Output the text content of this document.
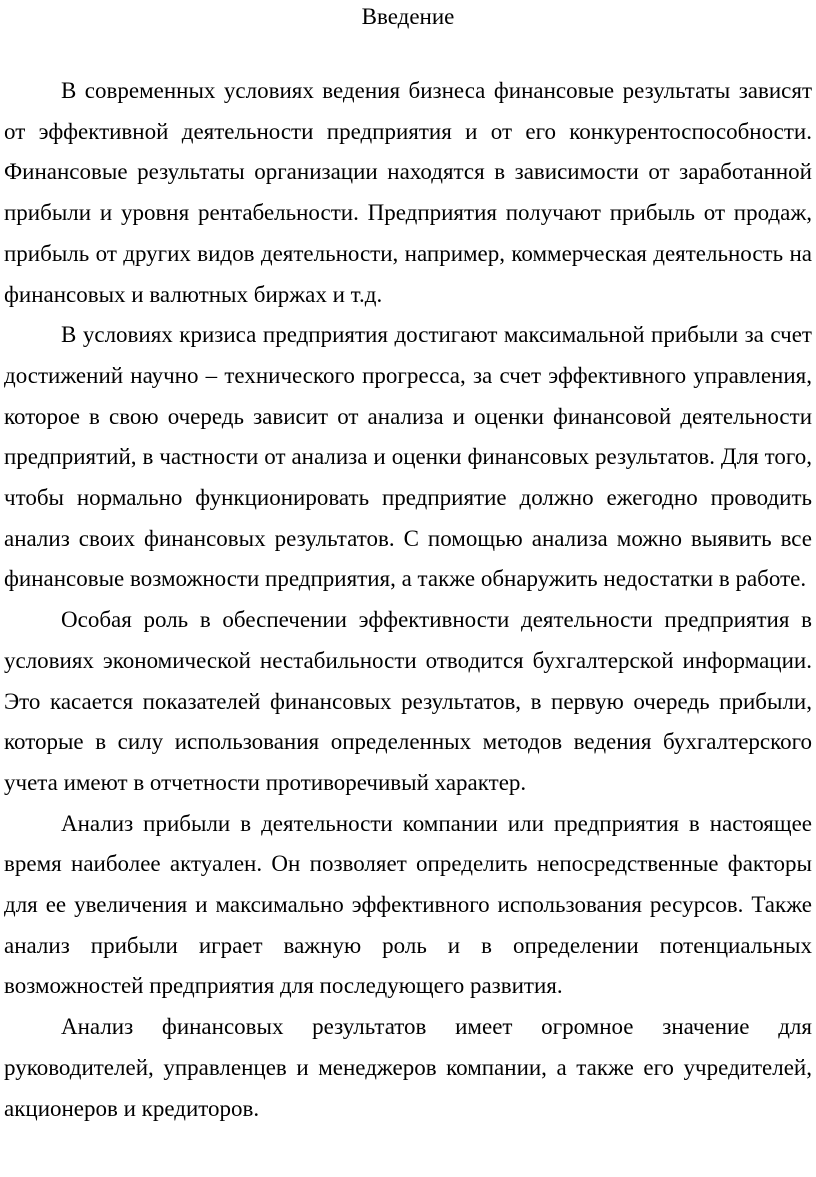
Введение

В современных условиях ведения бизнеса финансовые результаты зависят от эффективной деятельности предприятия и от его конкурентоспособности. Финансовые результаты организации находятся в зависимости от заработанной прибыли и уровня рентабельности. Предприятия получают прибыль от продаж, прибыль от других видов деятельности, например, коммерческая деятельность на финансовых и валютных биржах и т.д.

В условиях кризиса предприятия достигают максимальной прибыли за счет достижений научно – технического прогресса, за счет эффективного управления, которое в свою очередь зависит от анализа и оценки финансовой деятельности предприятий, в частности от анализа и оценки финансовых результатов. Для того, чтобы нормально функционировать предприятие должно ежегодно проводить анализ своих финансовых результатов. С помощью анализа можно выявить все финансовые возможности предприятия, а также обнаружить недостатки в работе.

Особая роль в обеспечении эффективности деятельности предприятия в условиях экономической нестабильности отводится бухгалтерской информации. Это касается показателей финансовых результатов, в первую очередь прибыли, которые в силу использования определенных методов ведения бухгалтерского учета имеют в отчетности противоречивый характер.

Анализ прибыли в деятельности компании или предприятия в настоящее время наиболее актуален. Он позволяет определить непосредственные факторы для ее увеличения и максимально эффективного использования ресурсов. Также анализ прибыли играет важную роль и в определении потенциальных возможностей предприятия для последующего развития.

Анализ финансовых результатов имеет огромное значение для руководителей, управленцев и менеджеров компании, а также его учредителей, акционеров и кредиторов.
